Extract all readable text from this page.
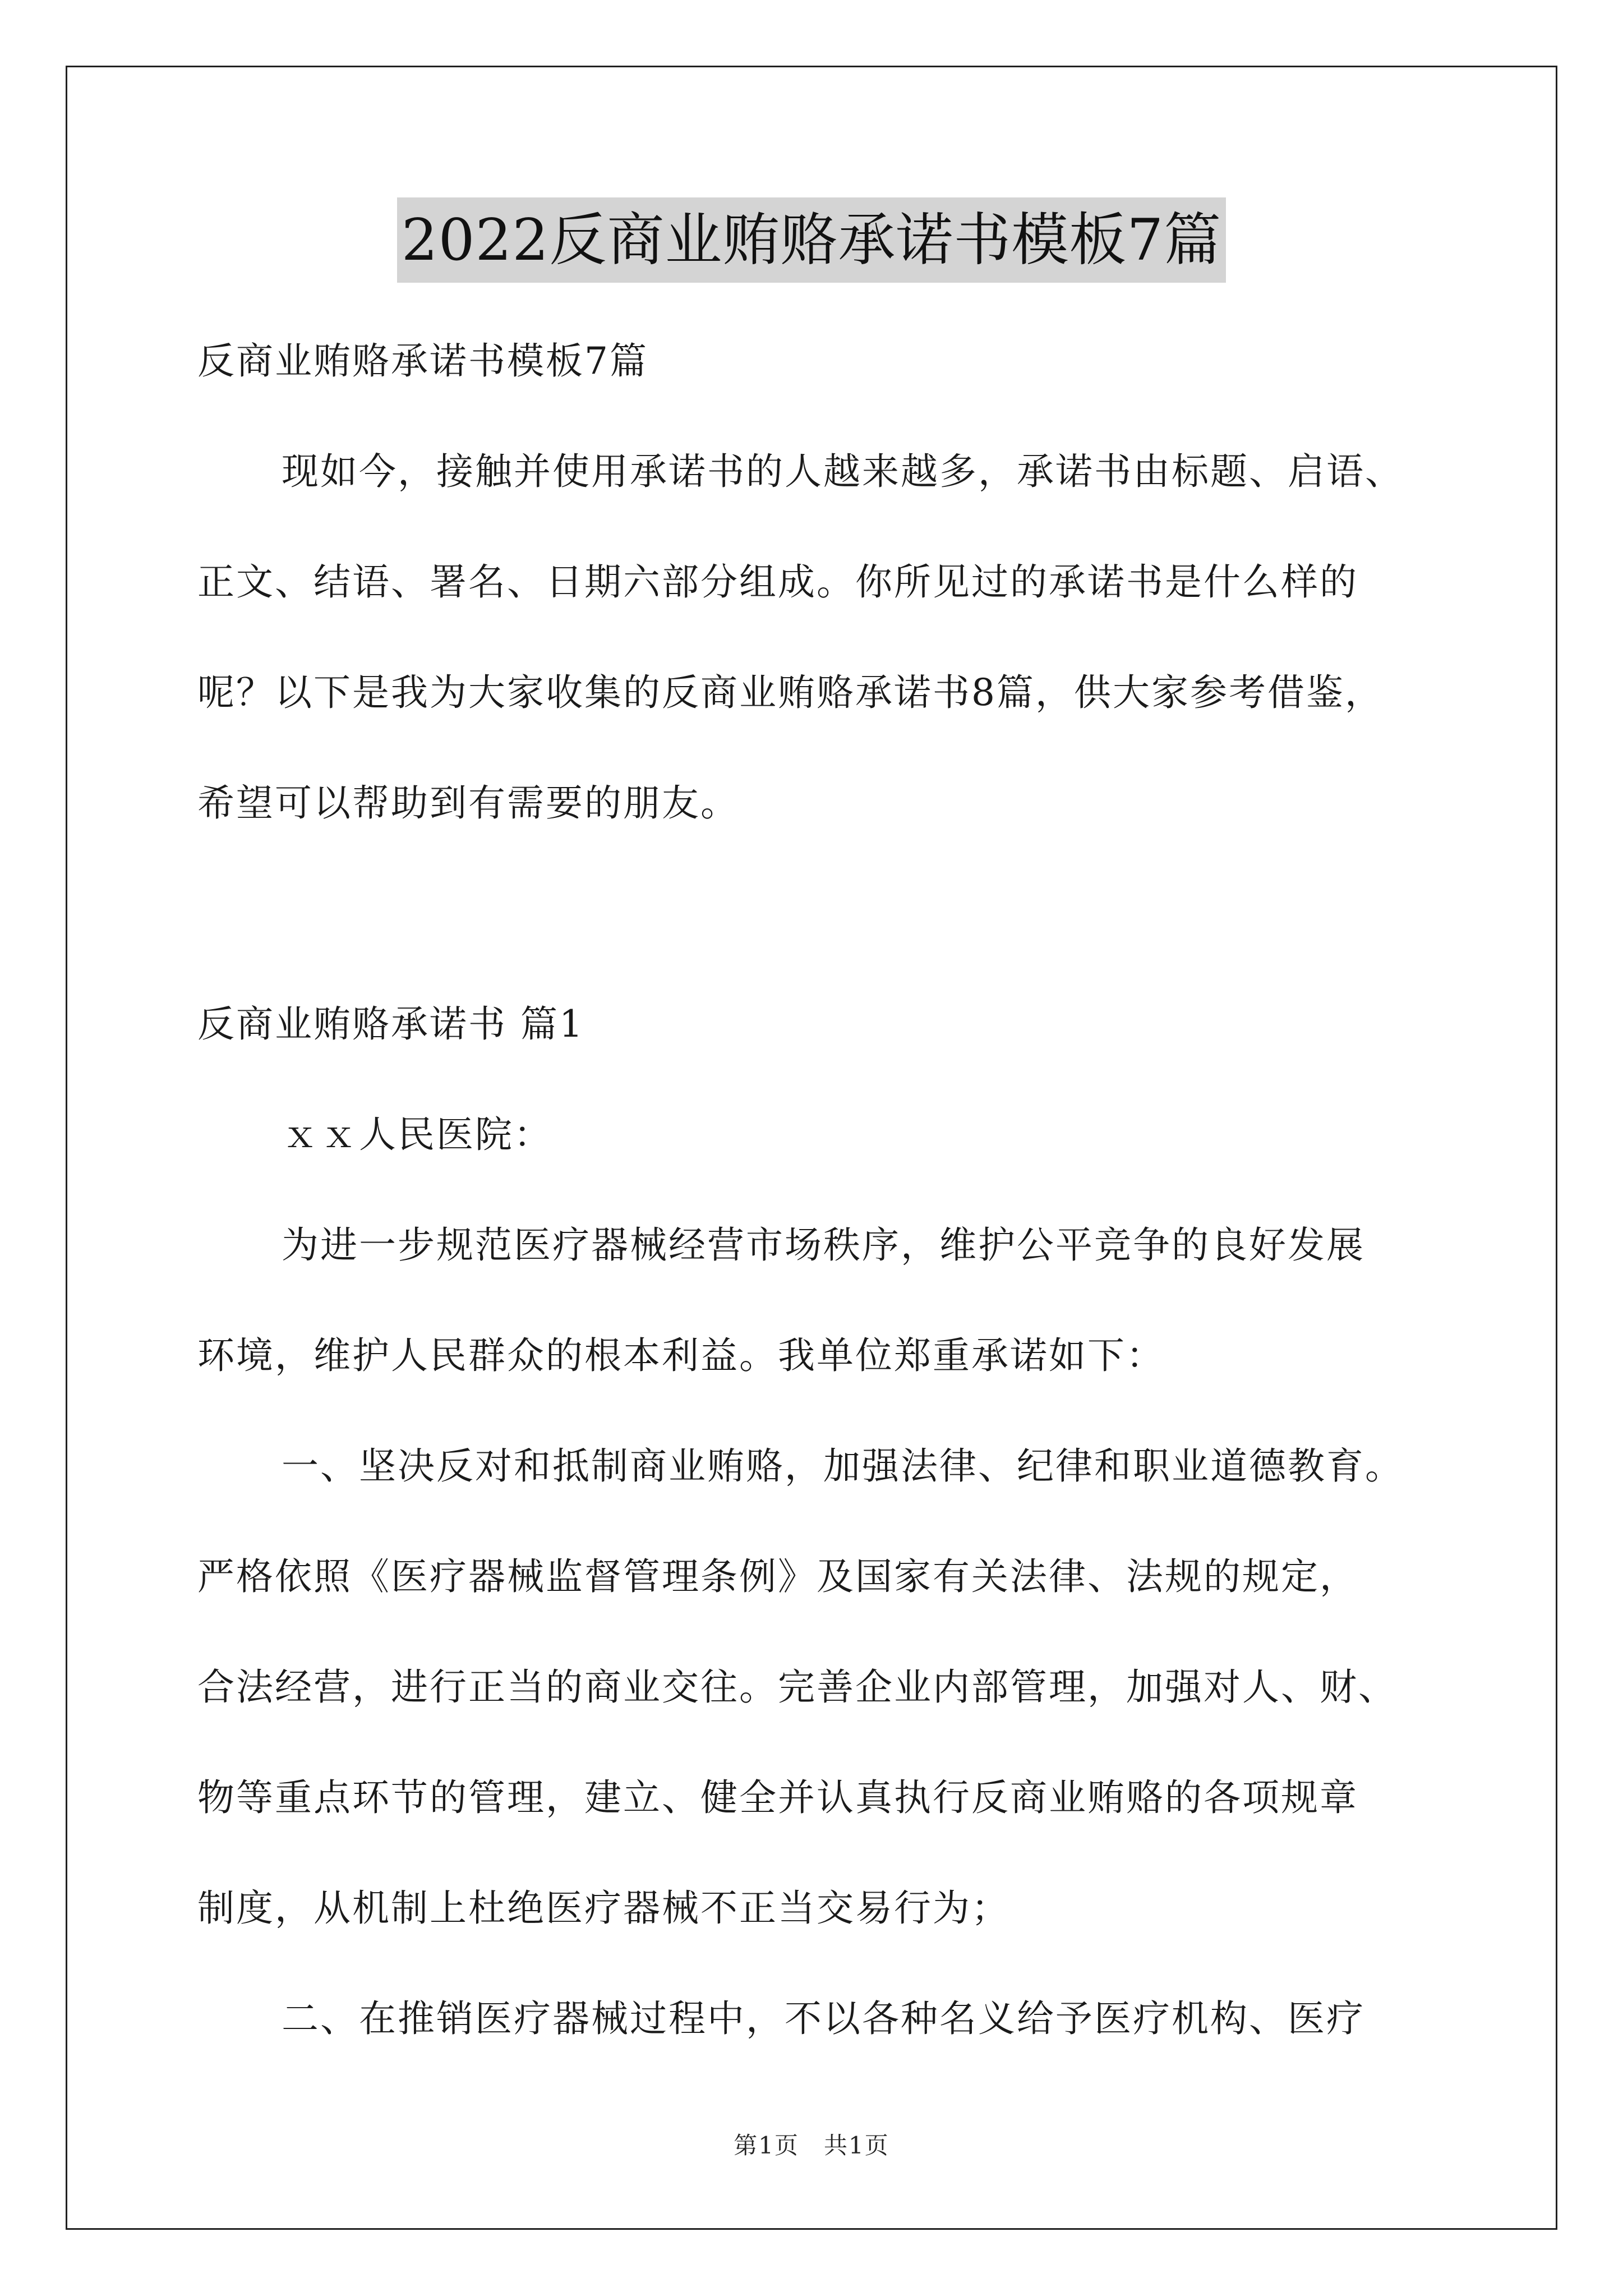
2022反商业贿赂承诺书模板7篇
反商业贿赂承诺书模板7篇
现如今，接触并使用承诺书的人越来越多，承诺书由标题、启语、
正文、结语、署名、日期六部分组成。你所见过的承诺书是什么样的
呢？以下是我为大家收集的反商业贿赂承诺书8篇，供大家参考借鉴，
希望可以帮助到有需要的朋友。
反商业贿赂承诺书 篇1
ｘｘ人民医院：
为进一步规范医疗器械经营市场秩序，维护公平竞争的良好发展
环境，维护人民群众的根本利益。我单位郑重承诺如下：
一、坚决反对和抵制商业贿赂，加强法律、纪律和职业道德教育。
严格依照《医疗器械监督管理条例》及国家有关法律、法规的规定，
合法经营，进行正当的商业交往。完善企业内部管理，加强对人、财、
物等重点环节的管理，建立、健全并认真执行反商业贿赂的各项规章
制度，从机制上杜绝医疗器械不正当交易行为；
二、在推销医疗器械过程中，不以各种名义给予医疗机构、医疗
第1页　共1页
